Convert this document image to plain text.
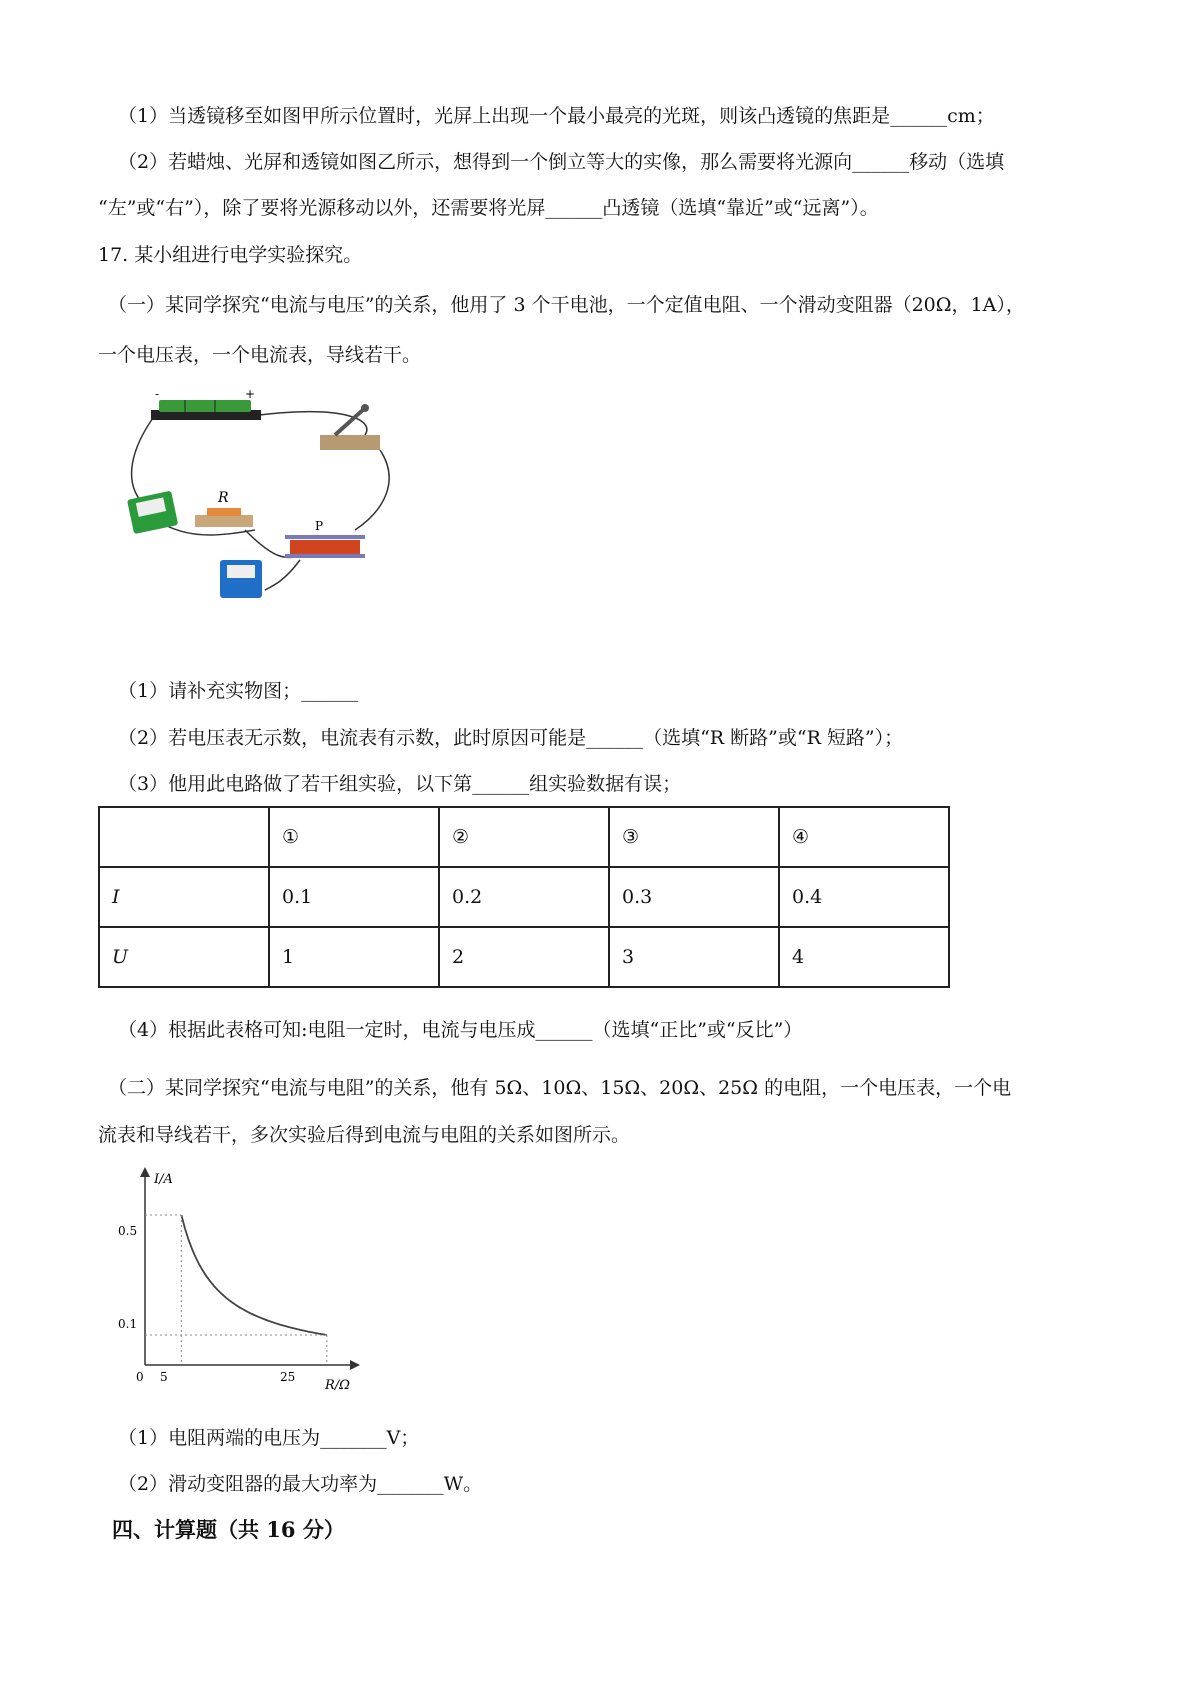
（1）当透镜移至如图甲所示位置时，光屏上出现一个最小最亮的光斑，则该凸透镜的焦距是______cm；
（2）若蜡烛、光屏和透镜如图乙所示，想得到一个倒立等大的实像，那么需要将光源向______移动（选填
“左”或“右”），除了要将光源移动以外，还需要将光屏______凸透镜（选填“靠近”或“远离”）。
17. 某小组进行电学实验探究。
（一）某同学探究“电流与电压”的关系，他用了 3 个干电池，一个定值电阻、一个滑动变阻器（20Ω，1A），
一个电压表，一个电流表，导线若干。
-	+
R
P
（1）请补充实物图；______
（2）若电压表无示数，电流表有示数，此时原因可能是______（选填“R 断路”或“R 短路”）；
（3）他用此电路做了若干组实验，以下第______组实验数据有误；
	①	②	③	④
I	0.1	0.2	0.3	0.4
U	1	2	3	4
（4）根据此表格可知:电阻一定时，电流与电压成______（选填“正比”或“反比”）
（二）某同学探究“电流与电阻”的关系，他有 5Ω、10Ω、15Ω、20Ω、25Ω 的电阻，一个电压表，一个电
流表和导线若干，多次实验后得到电流与电阻的关系如图所示。
I/A
R/Ω
0
0.5
0.1
5	25
（1）电阻两端的电压为_______V；
（2）滑动变阻器的最大功率为_______W。
四、计算题（共 16 分）
